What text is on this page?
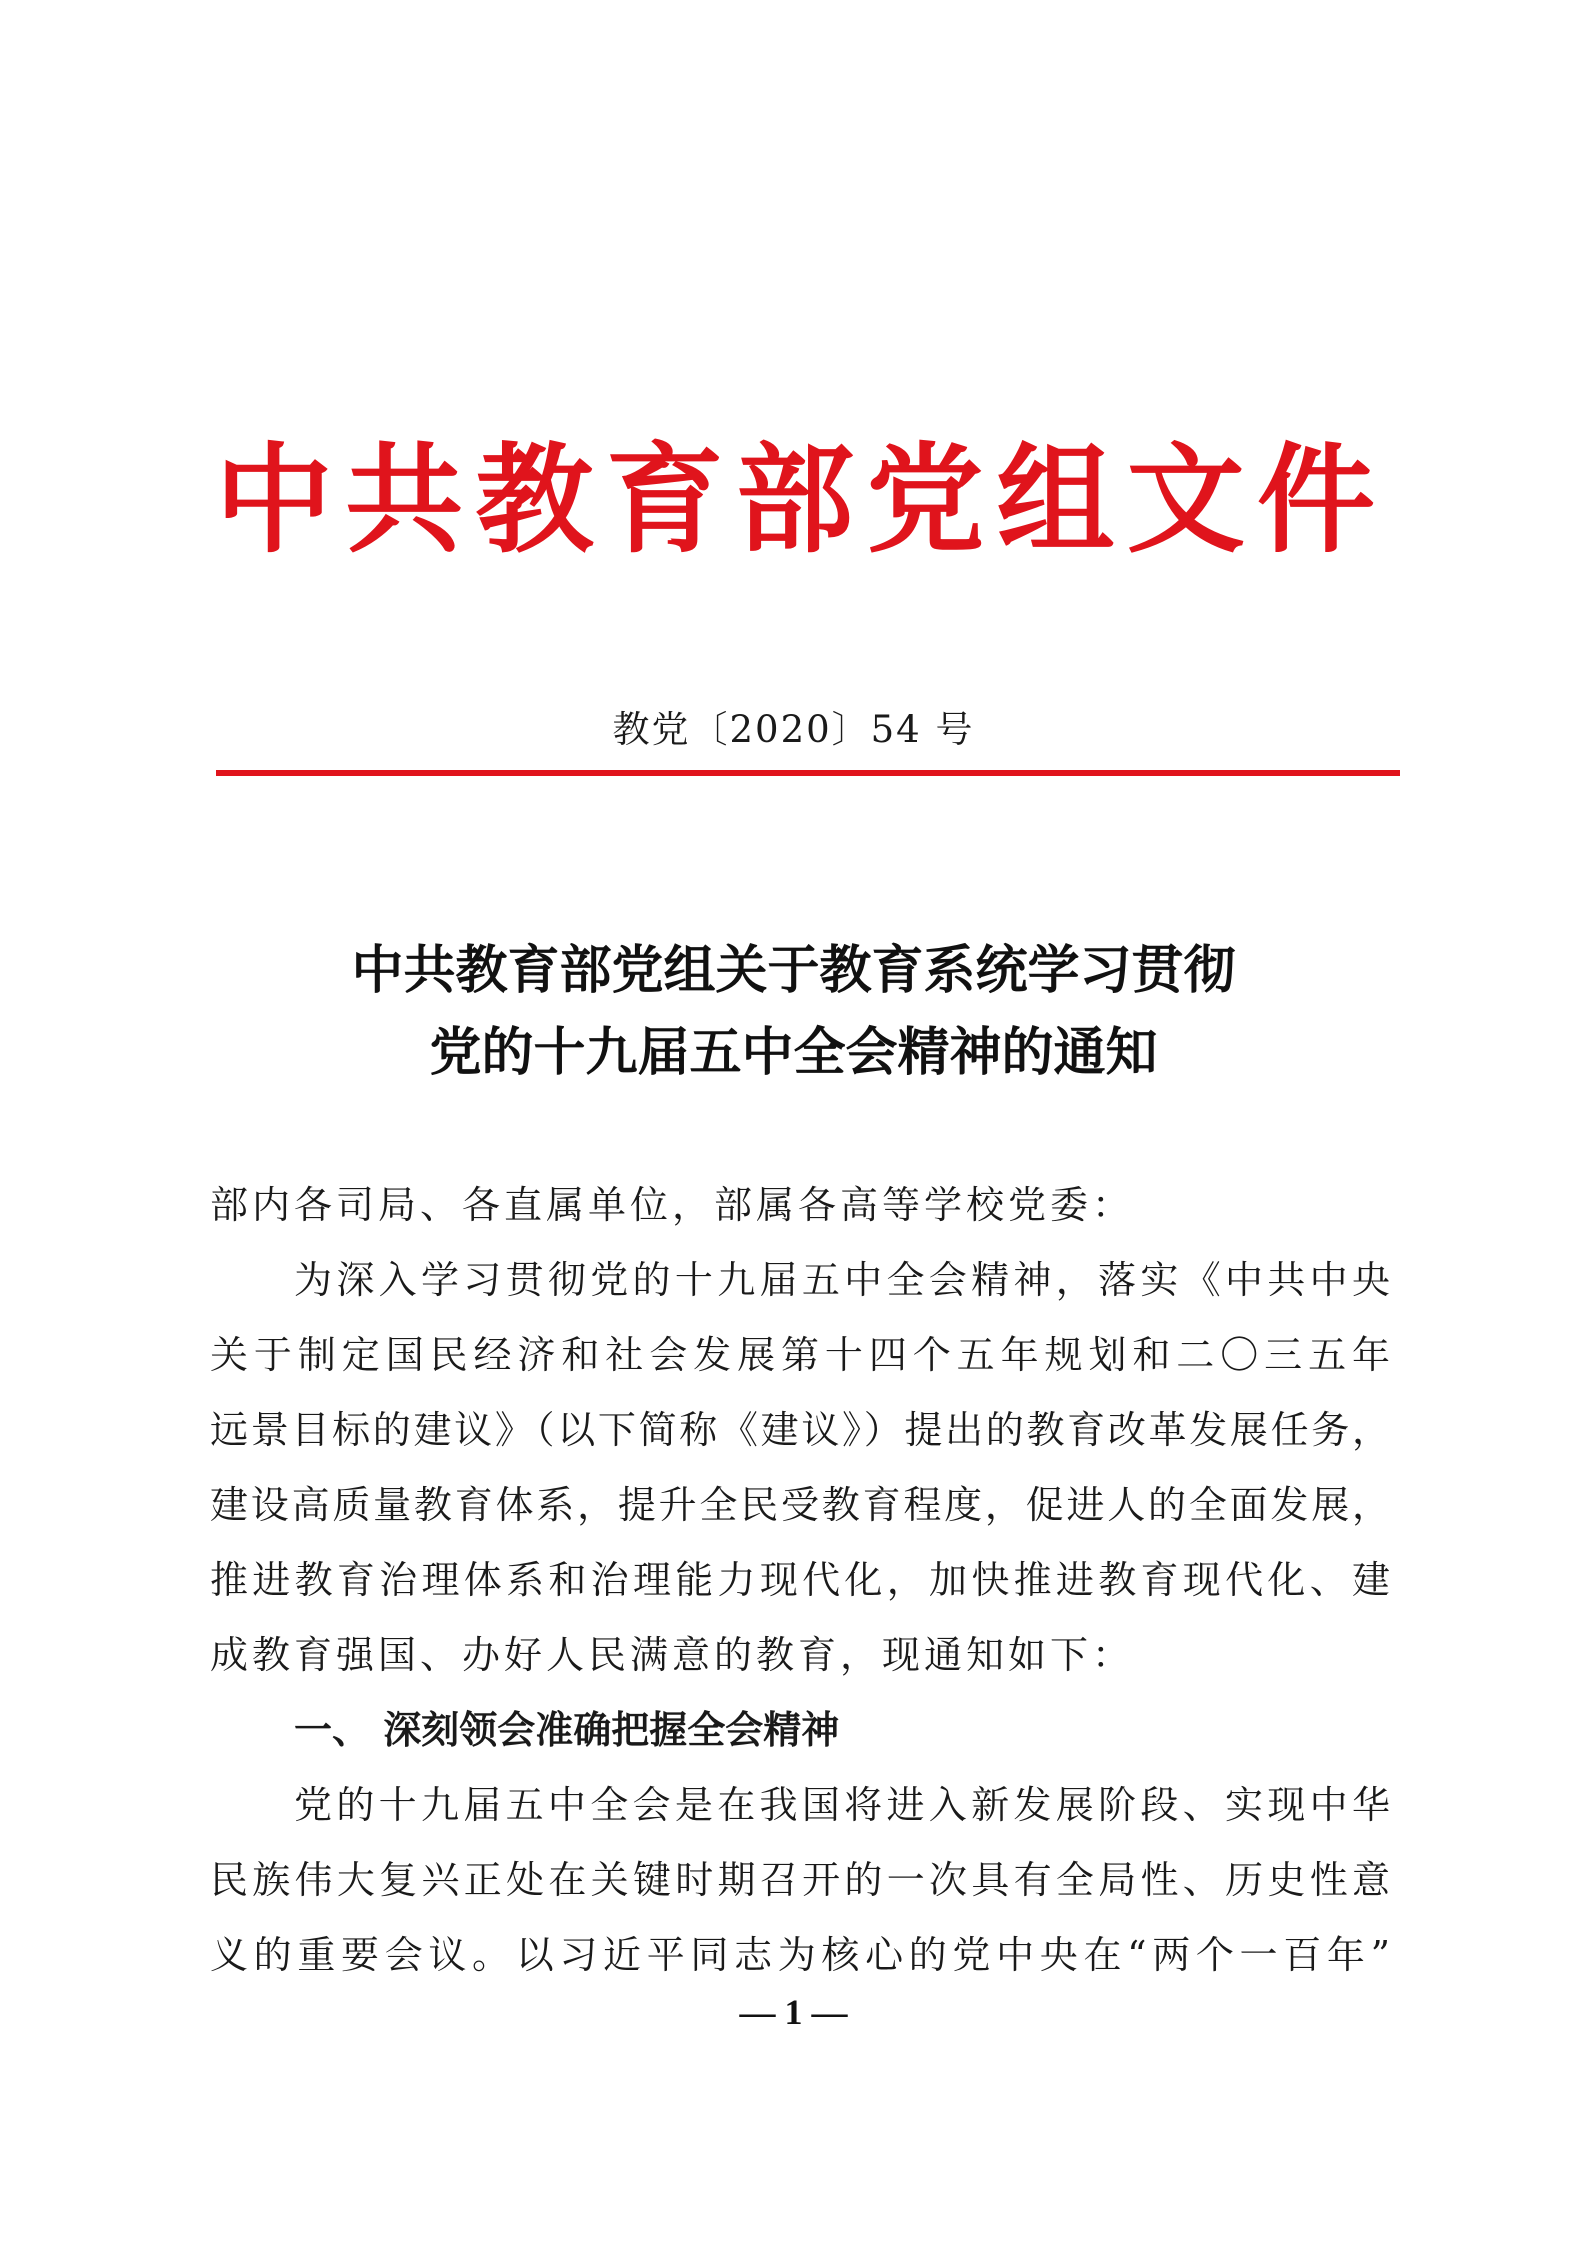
中 共 教 育 部 党 组 文 件
教党〔2020〕54 号
中共教育部党组关于教育系统学习贯彻
党的十九届五中全会精神的通知

部内各司局、各直属单位，部属各高等学校党委：

为深入学习贯彻党的十九届五中全会精神，落实《中共中央

关于制定国民经济和社会发展第十四个五年规划和二〇三五年

远景目标的建议》（以下简称《建议》）提出的教育改革发展任务，

建设高质量教育体系，提升全民受教育程度，促进人的全面发展，

推进教育治理体系和治理能力现代化，加快推进教育现代化、建

成教育强国、办好人民满意的教育，现通知如下：

一、 深刻领会准确把握全会精神

党的十九届五中全会是在我国将进入新发展阶段、实现中华

民族伟大复兴正处在关键时期召开的一次具有全局性、历史性意

义的重要会议。以习近平同志为核心的党中央在“两个一百年”

— 1 —
